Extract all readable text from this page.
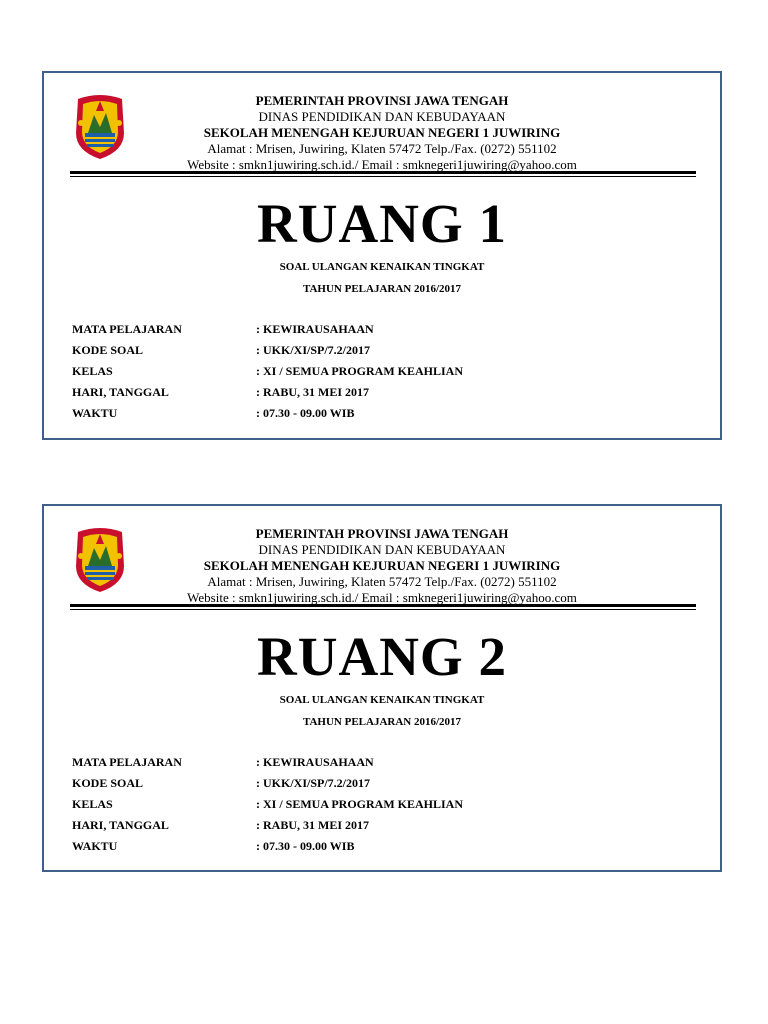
PEMERINTAH PROVINSI JAWA TENGAH
DINAS PENDIDIKAN DAN KEBUDAYAAN
SEKOLAH MENENGAH KEJURUAN NEGERI 1 JUWIRING
Alamat : Mrisen, Juwiring, Klaten 57472 Telp./Fax. (0272) 551102
Website : smkn1juwiring.sch.id./ Email : smknegeri1juwiring@yahoo.com
RUANG 1
SOAL ULANGAN KENAIKAN TINGKAT
TAHUN PELAJARAN 2016/2017
MATA PELAJARAN	: KEWIRAUSAHAAN
KODE SOAL	: UKK/XI/SP/7.2/2017
KELAS	: XI / SEMUA PROGRAM KEAHLIAN
HARI, TANGGAL	: RABU, 31 MEI 2017
WAKTU	: 07.30 - 09.00 WIB
PEMERINTAH PROVINSI JAWA TENGAH
DINAS PENDIDIKAN DAN KEBUDAYAAN
SEKOLAH MENENGAH KEJURUAN NEGERI 1 JUWIRING
Alamat : Mrisen, Juwiring, Klaten 57472 Telp./Fax. (0272) 551102
Website : smkn1juwiring.sch.id./ Email : smknegeri1juwiring@yahoo.com
RUANG 2
SOAL ULANGAN KENAIKAN TINGKAT
TAHUN PELAJARAN 2016/2017
MATA PELAJARAN	: KEWIRAUSAHAAN
KODE SOAL	: UKK/XI/SP/7.2/2017
KELAS	: XI / SEMUA PROGRAM KEAHLIAN
HARI, TANGGAL	: RABU, 31 MEI 2017
WAKTU	: 07.30 - 09.00 WIB
